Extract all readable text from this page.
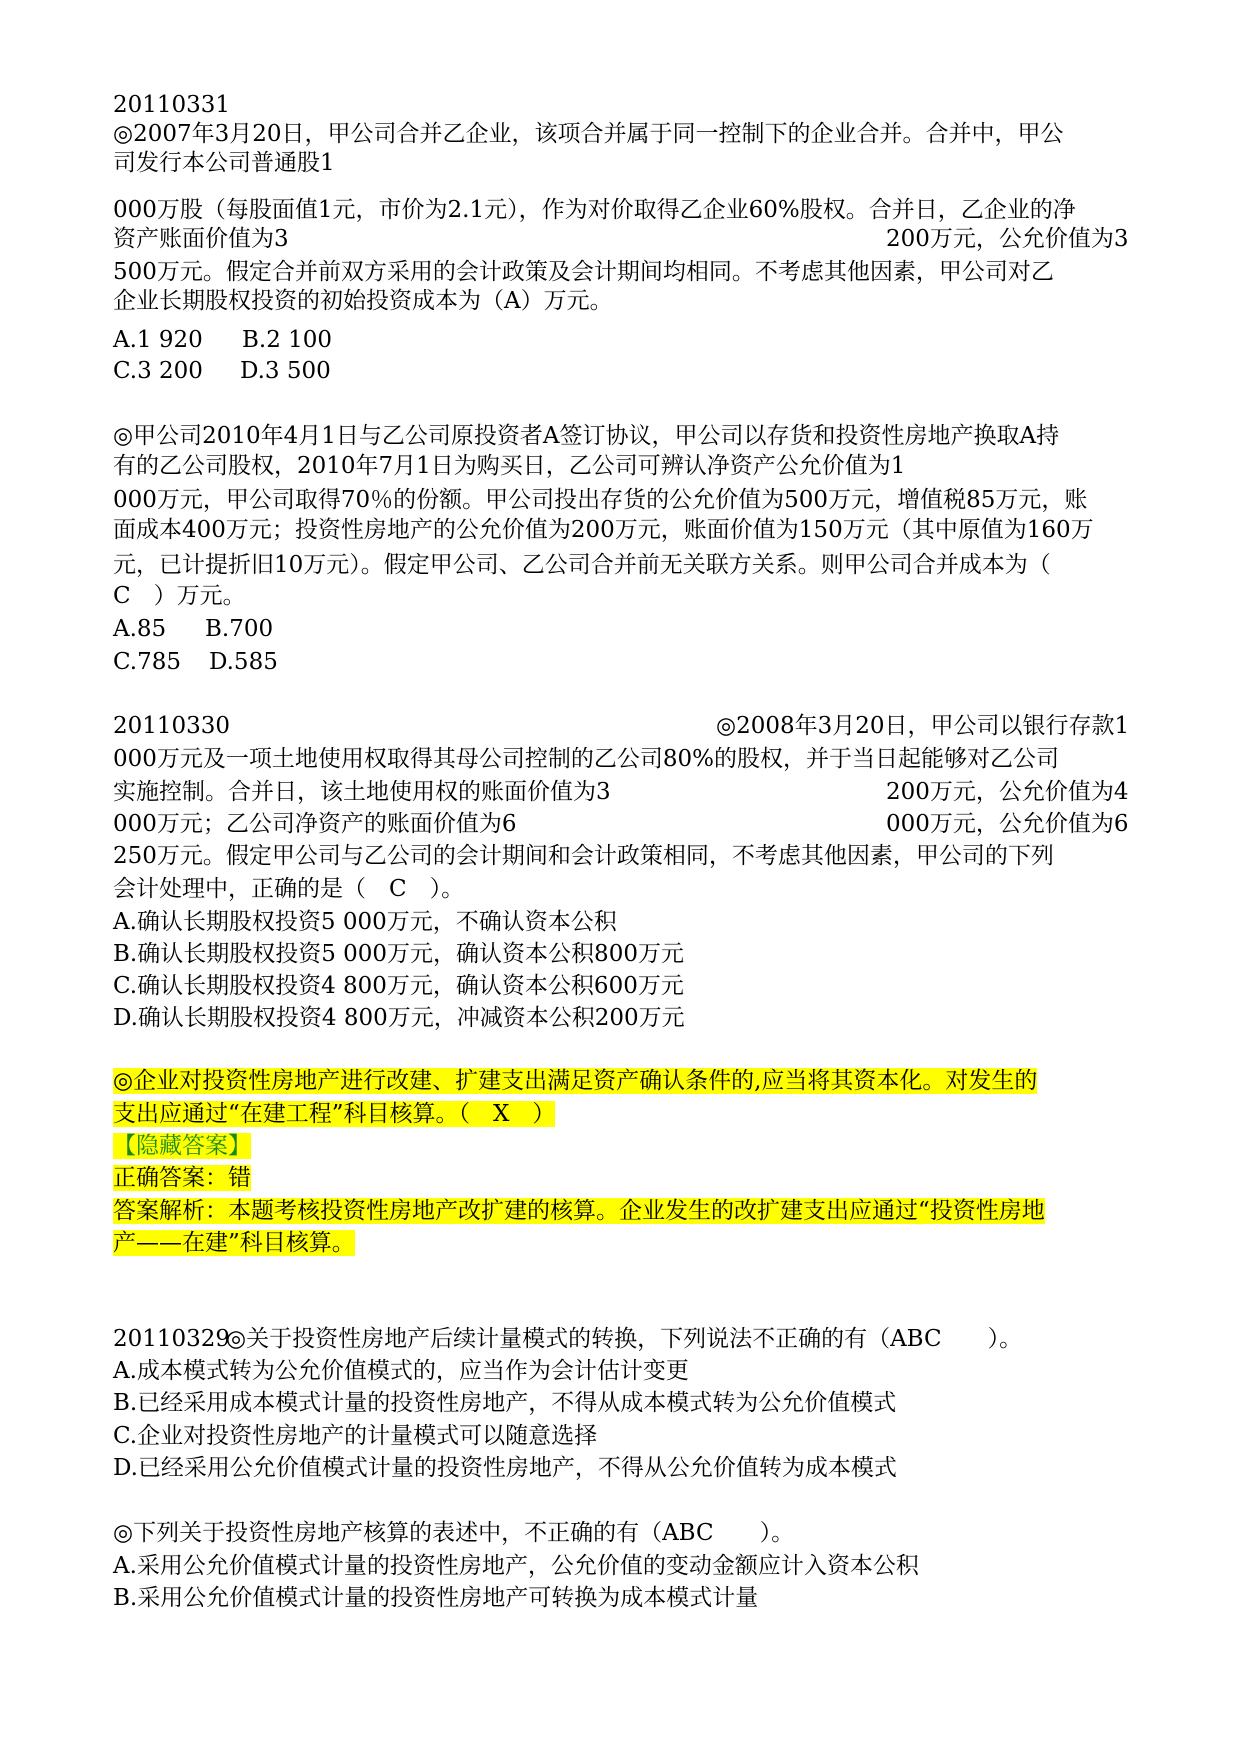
20110331
◎2007年3月20日，甲公司合并乙企业，该项合并属于同一控制下的企业合并。合并中，甲公
司发行本公司普通股1
000万股（每股面值1元，市价为2.1元），作为对价取得乙企业60%股权。合并日，乙企业的净
资产账面价值为3	200万元，公允价值为3
500万元。假定合并前双方采用的会计政策及会计期间均相同。不考虑其他因素，甲公司对乙
企业长期股权投资的初始投资成本为（A）万元。
A.1 920 B.2 100
C.3 200 D.3 500
◎甲公司2010年4月1日与乙公司原投资者A签订协议，甲公司以存货和投资性房地产换取A持
有的乙公司股权，2010年7月1日为购买日，乙公司可辨认净资产公允价值为1
000万元，甲公司取得70％的份额。甲公司投出存货的公允价值为500万元，增值税85万元，账
面成本400万元；投资性房地产的公允价值为200万元，账面价值为150万元（其中原值为160万
元，已计提折旧10万元）。假定甲公司、乙公司合并前无关联方关系。则甲公司合并成本为（
C　）万元。
A.85 B.700
C.785 D.585
20110330	◎2008年3月20日，甲公司以银行存款1
000万元及一项土地使用权取得其母公司控制的乙公司80%的股权，并于当日起能够对乙公司
实施控制。合并日，该土地使用权的账面价值为3	200万元，公允价值为4
000万元；乙公司净资产的账面价值为6	000万元，公允价值为6
250万元。假定甲公司与乙公司的会计期间和会计政策相同，不考虑其他因素，甲公司的下列
会计处理中，正确的是（　C　）。
A.确认长期股权投资5 000万元，不确认资本公积
B.确认长期股权投资5 000万元，确认资本公积800万元
C.确认长期股权投资4 800万元，确认资本公积600万元
D.确认长期股权投资4 800万元，冲减资本公积200万元
◎企业对投资性房地产进行改建、扩建支出满足资产确认条件的,应当将其资本化。对发生的
支出应通过“在建工程”科目核算。（　X　）
【隐藏答案】
正确答案：错
答案解析：本题考核投资性房地产改扩建的核算。企业发生的改扩建支出应通过“投资性房地
产——在建”科目核算。
20110329
◎关于投资性房地产后续计量模式的转换，下列说法不正确的有（ABC　　）。
A.成本模式转为公允价值模式的，应当作为会计估计变更
B.已经采用成本模式计量的投资性房地产，不得从成本模式转为公允价值模式
C.企业对投资性房地产的计量模式可以随意选择
D.已经采用公允价值模式计量的投资性房地产，不得从公允价值转为成本模式
◎下列关于投资性房地产核算的表述中，不正确的有（ABC　　）。
A.采用公允价值模式计量的投资性房地产，公允价值的变动金额应计入资本公积
B.采用公允价值模式计量的投资性房地产可转换为成本模式计量
